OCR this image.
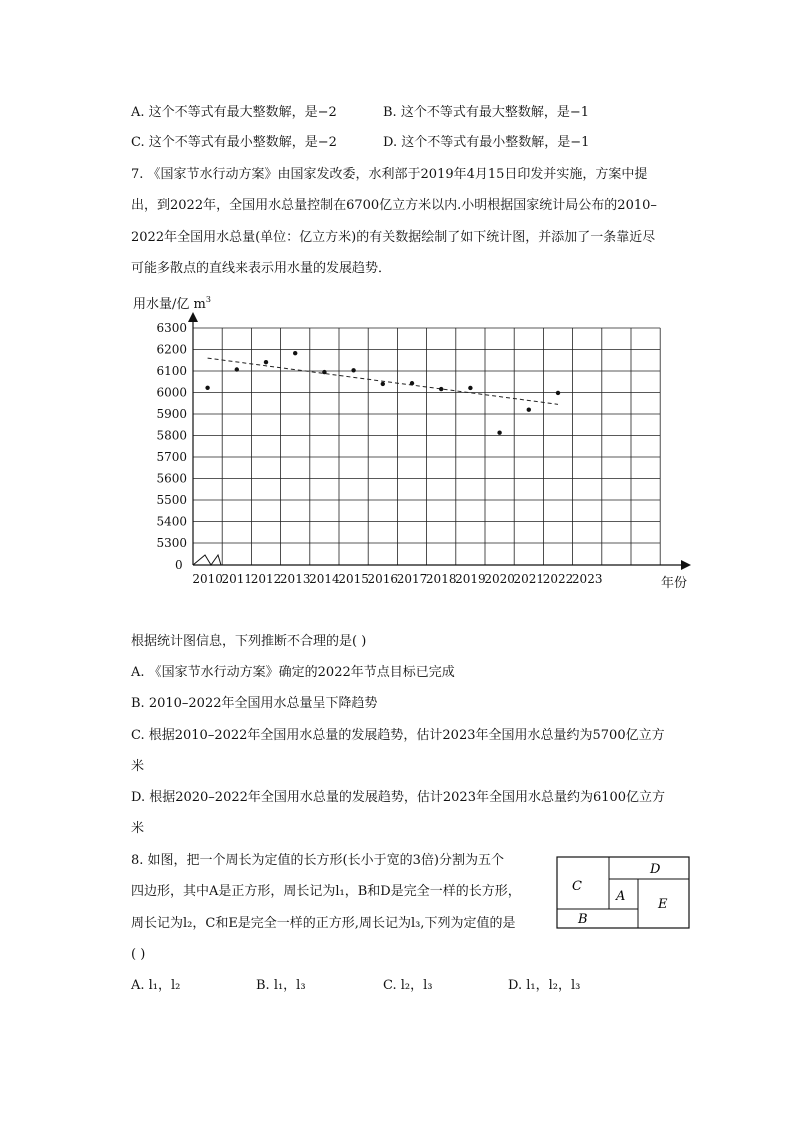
A. 这个不等式有最大整数解，是−2	B. 这个不等式有最大整数解，是−1
C. 这个不等式有最小整数解，是−2	D. 这个不等式有最小整数解，是−1
7. 《国家节水行动方案》由国家发改委，水利部于2019年4月15日印发并实施，方案中提
出，到2022年，全国用水总量控制在6700亿立方米以内.小明根据国家统计局公布的2010–
2022年全国用水总量(单位：亿立方米)的有关数据绘制了如下统计图，并添加了一条靠近尽
可能多散点的直线来表示用水量的发展趋势．
用水量/亿 $m^3$
年份
0
5300
5400
5500
5600
5700
5800
5900
6000
6100
6200
6300
2010
2011
2012
2013
2014
2015
2016
2017
2018
2019
2020
2021
2022
2023
根据统计图信息，下列推断不合理的是( )
A. 《国家节水行动方案》确定的2022年节点目标已完成
B. 2010–2022年全国用水总量呈下降趋势
C. 根据2010–2022年全国用水总量的发展趋势，估计2023年全国用水总量约为5700亿立方
米
D. 根据2020–2022年全国用水总量的发展趋势，估计2023年全国用水总量约为6100亿立方
米
8. 如图，把一个周长为定值的长方形(长小于宽的3倍)分割为五个
四边形，其中A是正方形，周长记为l₁，B和D是完全一样的长方形，
周长记为l₂，C和E是完全一样的正方形,周长记为l₃,下列为定值的是
( )
C
D
A
E
B
A. l₁，l₂	B. l₁，l₃	C. l₂，l₃	D. l₁，l₂，l₃
